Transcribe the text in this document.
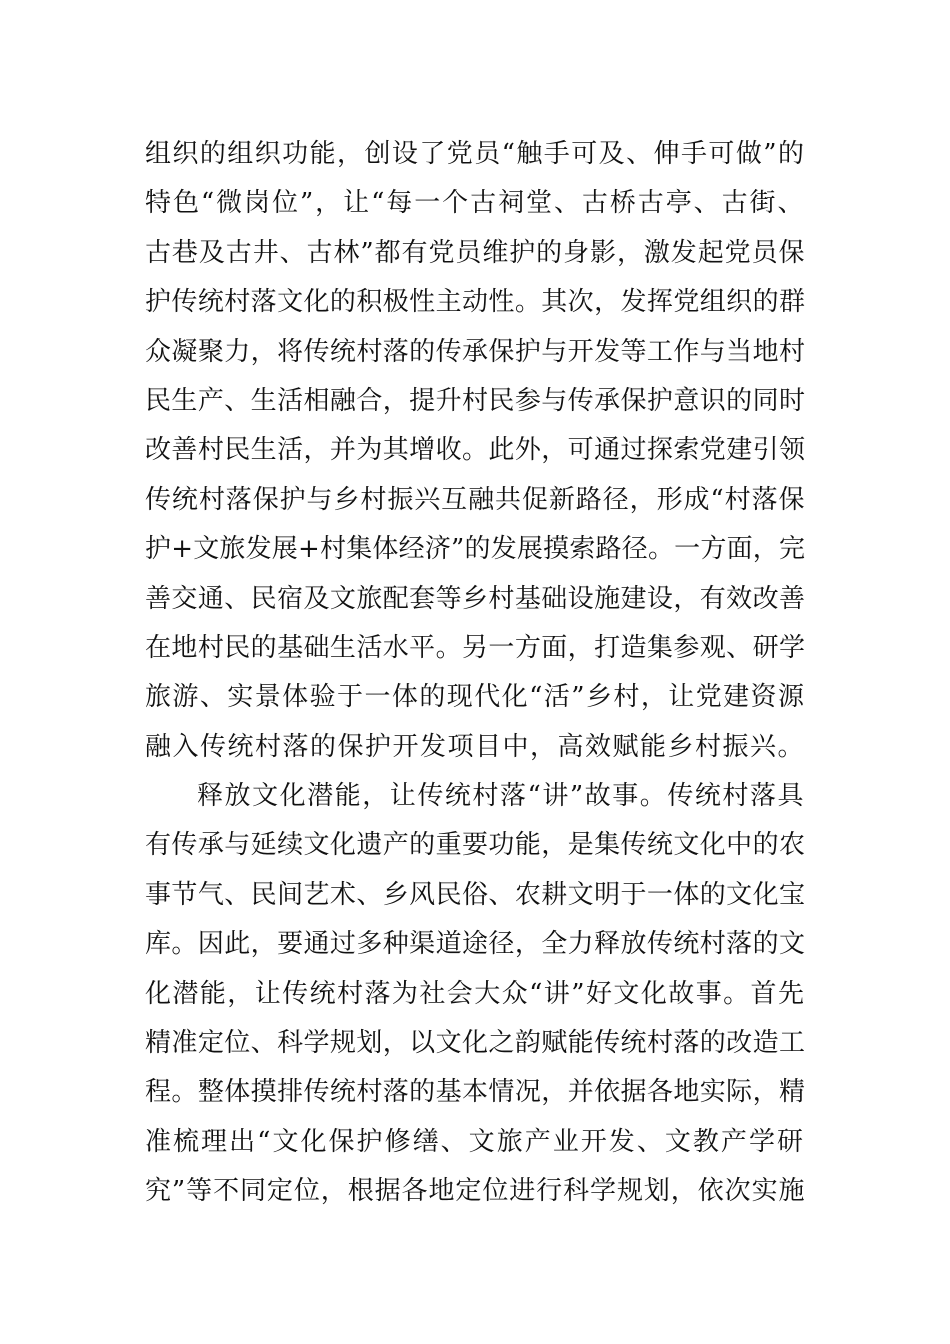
组织的组织功能，创设了党员“触手可及、伸手可做”的
特色“微岗位”，让“每一个古祠堂、古桥古亭、古街、
古巷及古井、古林”都有党员维护的身影，激发起党员保
护传统村落文化的积极性主动性。其次，发挥党组织的群
众凝聚力，将传统村落的传承保护与开发等工作与当地村
民生产、生活相融合，提升村民参与传承保护意识的同时
改善村民生活，并为其增收。此外，可通过探索党建引领
传统村落保护与乡村振兴互融共促新路径，形成“村落保
护+文旅发展+村集体经济”的发展摸索路径。一方面，完
善交通、民宿及文旅配套等乡村基础设施建设，有效改善
在地村民的基础生活水平。另一方面，打造集参观、研学
旅游、实景体验于一体的现代化“活”乡村，让党建资源
融入传统村落的保护开发项目中，高效赋能乡村振兴。
释放文化潜能，让传统村落“讲”故事。传统村落具
有传承与延续文化遗产的重要功能，是集传统文化中的农
事节气、民间艺术、乡风民俗、农耕文明于一体的文化宝
库。因此，要通过多种渠道途径，全力释放传统村落的文
化潜能，让传统村落为社会大众“讲”好文化故事。首先
精准定位、科学规划，以文化之韵赋能传统村落的改造工
程。整体摸排传统村落的基本情况，并依据各地实际，精
准梳理出“文化保护修缮、文旅产业开发、文教产学研
究”等不同定位，根据各地定位进行科学规划，依次实施
